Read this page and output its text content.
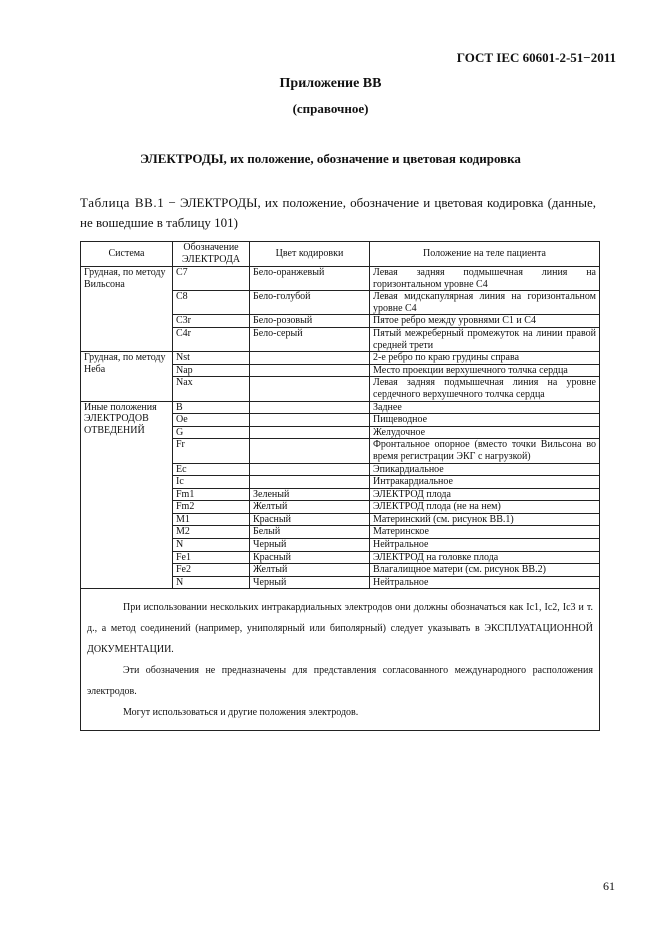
ГОСТ IEC 60601-2-51−2011
Приложение ВВ
(справочное)
ЭЛЕКТРОДЫ, их положение, обозначение и цветовая кодировка
Таблица ВВ.1 − ЭЛЕКТРОДЫ, их положение, обозначение и цветовая кодировка (данные, не вошедшие в таблицу 101)
Система	Обозначение ЭЛЕКТРОДА	Цвет кодировки	Положение на теле пациента
Грудная, по методу Вильсона	C7	Бело-оранжевый	Левая задняя подмышечная линия на горизонтальном уровне C4
	C8	Бело-голубой	Левая мидскапулярная линия на горизонтальном уровне C4
	C3r	Бело-розовый	Пятое ребро между уровнями C1 и C4
	C4r	Бело-серый	Пятый межреберный промежуток на линии правой средней трети
Грудная, по методу Неба	Nst		2-е ребро по краю грудины справа
	Nap		Место проекции верхушечного толчка сердца
	Nax		Левая задняя подмышечная линия на уровне сердечного верхушечного толчка сердца
Иные положения ЭЛЕКТРОДОВ ОТВЕДЕНИЙ	B		Заднее
	Oe		Пищеводное
	G		Желудочное
	Fr		Фронтальное опорное (вместо точки Вильсона во время регистрации ЭКГ с нагрузкой)
	Ec		Эпикардиальное
	Ic		Интракардиальное
	Fm1	Зеленый	ЭЛЕКТРОД плода
	Fm2	Желтый	ЭЛЕКТРОД плода (не на нем)
	M1	Красный	Материнский (см. рисунок ВВ.1)
	M2	Белый	Материнское
	N	Черный	Нейтральное
	Fe1	Красный	ЭЛЕКТРОД на головке плода
	Fe2	Желтый	Влагалищное матери (см. рисунок ВВ.2)
	N	Черный	Нейтральное

При использовании нескольких интракардиальных электродов они должны обозначаться как Ic1, Ic2, Ic3 и т. д., а метод соединений (например, униполярный или биполярный) следует указывать в ЭКСПЛУАТАЦИОННОЙ ДОКУМЕНТАЦИИ.

Эти обозначения не предназначены для представления согласованного международного расположения электродов.

Могут использоваться и другие положения электродов.			

61
